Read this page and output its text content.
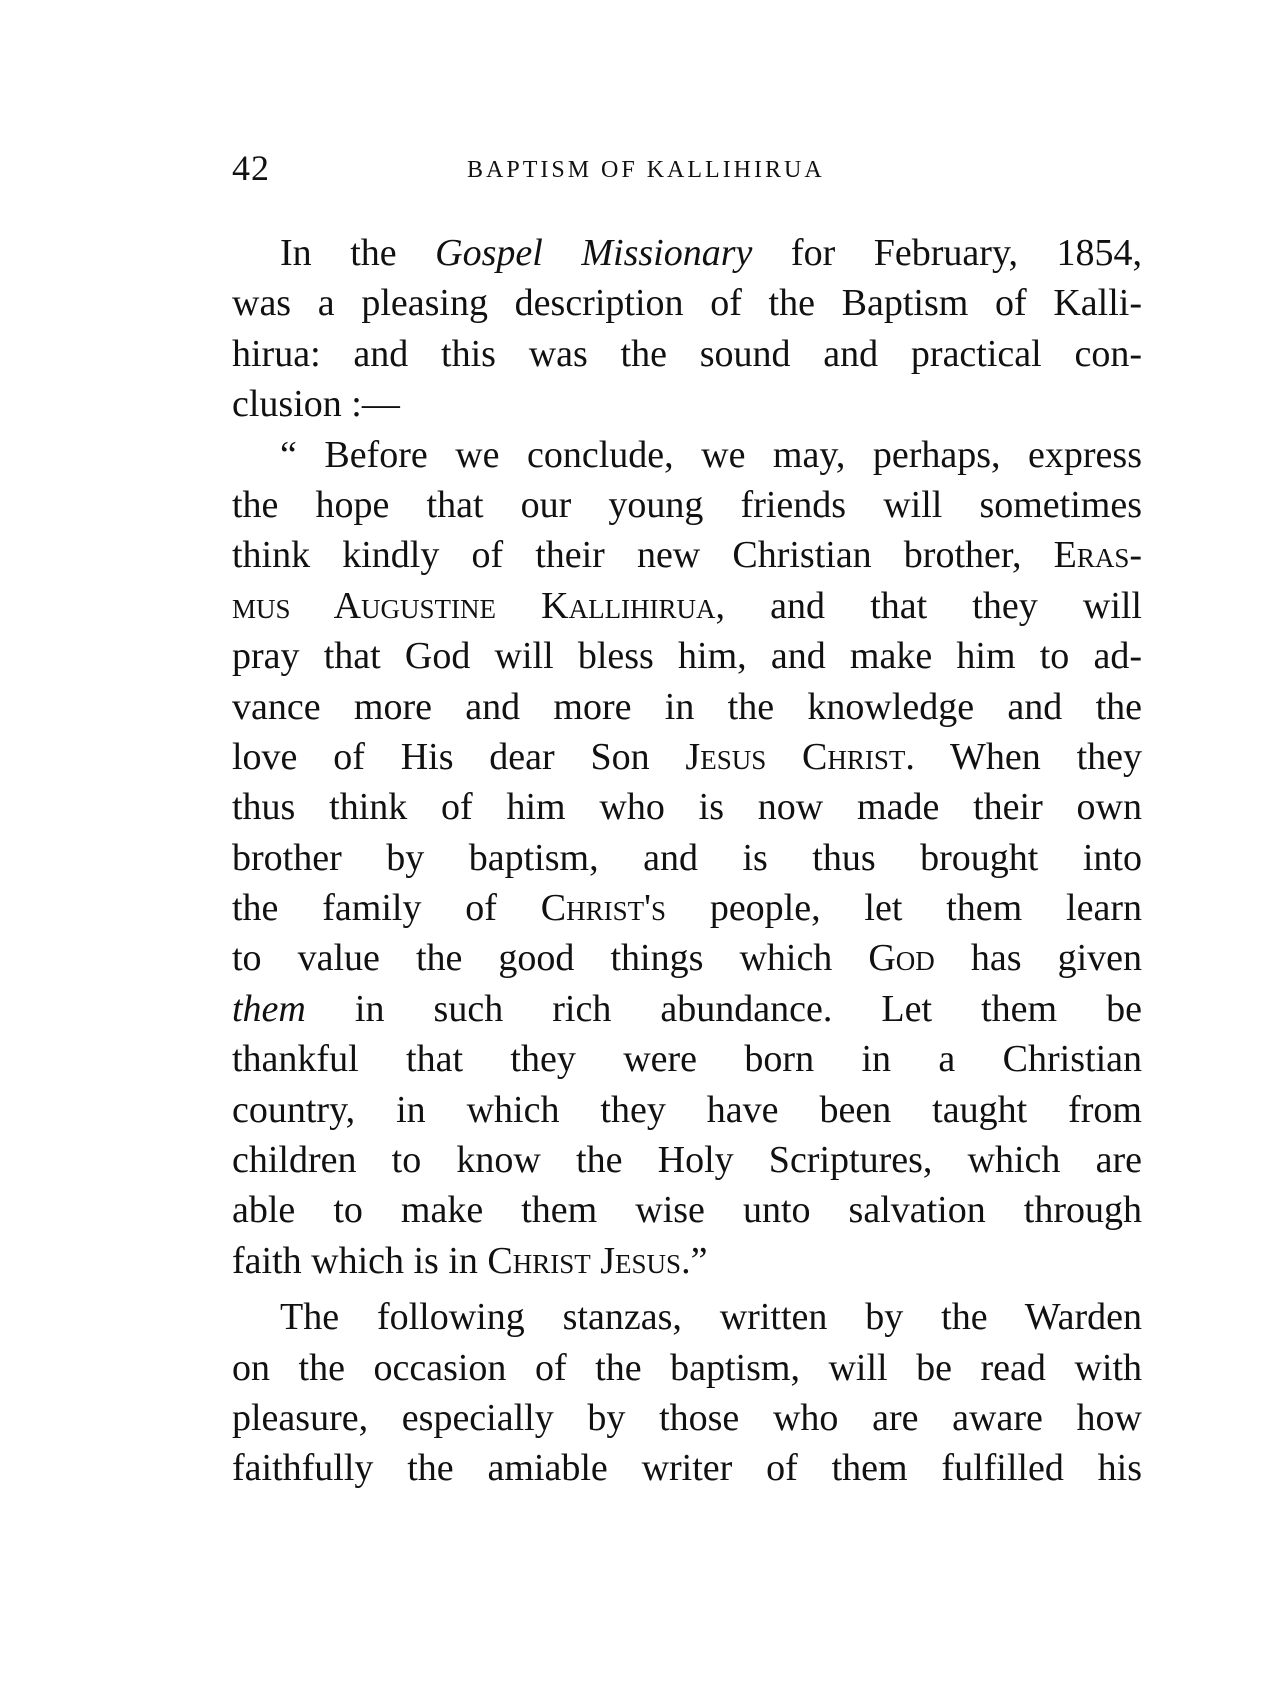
42	BAPTISM OF KALLIHIRUA
In the Gospel Missionary for February, 1854,
was a pleasing description of the Baptism of Kalli-
hirua: and this was the sound and practical con-
clusion :—
“ Before we conclude, we may, perhaps, express
the hope that our young friends will sometimes
think kindly of their new Christian brother, Eras-
mus Augustine Kallihirua, and that they will
pray that God will bless him, and make him to ad-
vance more and more in the knowledge and the
love of His dear Son Jesus Christ. When they
thus think of him who is now made their own
brother by baptism, and is thus brought into
the family of Christ's people, let them learn
to value the good things which God has given
them in such rich abundance. Let them be
thankful that they were born in a Christian
country, in which they have been taught from
children to know the Holy Scriptures, which are
able to make them wise unto salvation through
faith which is in Christ Jesus.”
The following stanzas, written by the Warden
on the occasion of the baptism, will be read with
pleasure, especially by those who are aware how
faithfully the amiable writer of them fulfilled his
